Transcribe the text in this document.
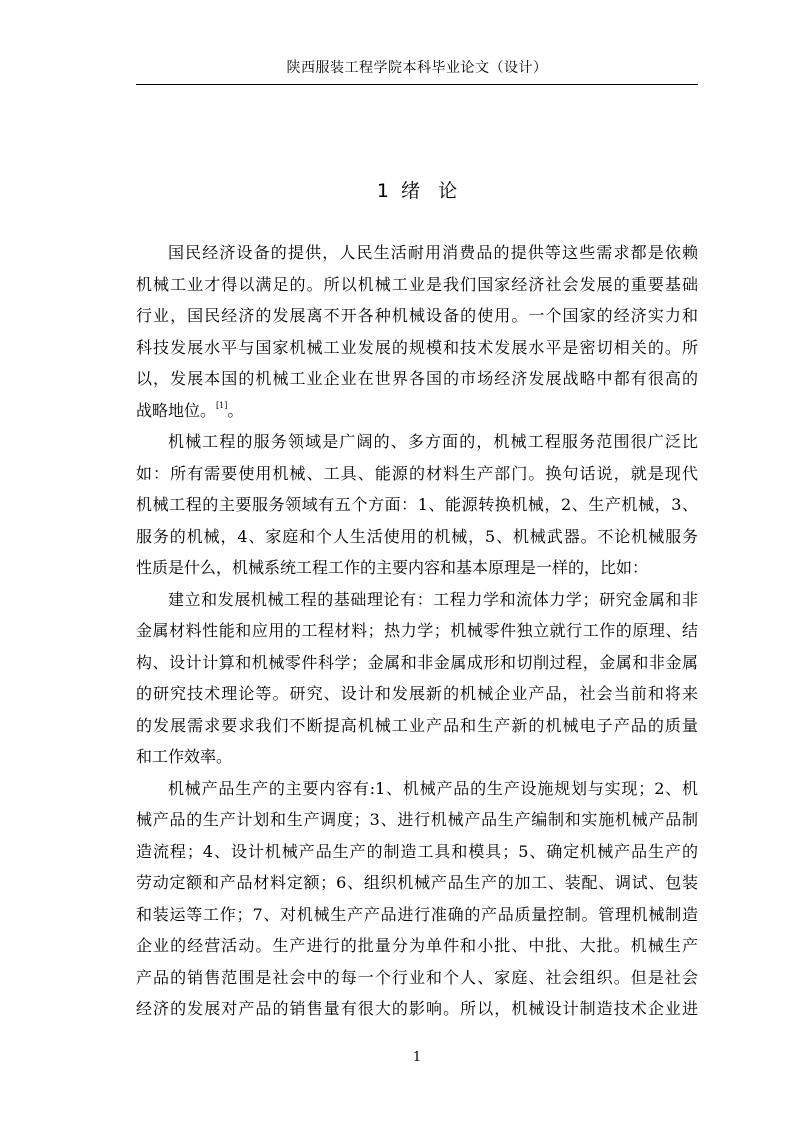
陕西服装工程学院本科毕业论文（设计）
1  绪   论
国民经济设备的提供，人民生活耐用消费品的提供等这些需求都是依赖
机械工业才得以满足的。所以机械工业是我们国家经济社会发展的重要基础
行业，国民经济的发展离不开各种机械设备的使用。一个国家的经济实力和
科技发展水平与国家机械工业发展的规模和技术发展水平是密切相关的。所
以，发展本国的机械工业企业在世界各国的市场经济发展战略中都有很高的
战略地位。[1]。
机械工程的服务领域是广阔的、多方面的，机械工程服务范围很广泛比
如：所有需要使用机械、工具、能源的材料生产部门。换句话说，就是现代
机械工程的主要服务领域有五个方面：1、能源转换机械，2、生产机械，3、
服务的机械，4、家庭和个人生活使用的机械，5、机械武器。不论机械服务
性质是什么，机械系统工程工作的主要内容和基本原理是一样的，比如：
建立和发展机械工程的基础理论有：工程力学和流体力学；研究金属和非
金属材料性能和应用的工程材料；热力学；机械零件独立就行工作的原理、结
构、设计计算和机械零件科学；金属和非金属成形和切削过程，金属和非金属
的研究技术理论等。研究、设计和发展新的机械企业产品，社会当前和将来
的发展需求要求我们不断提高机械工业产品和生产新的机械电子产品的质量
和工作效率。
机械产品生产的主要内容有:1、机械产品的生产设施规划与实现；2、机
械产品的生产计划和生产调度；3、进行机械产品生产编制和实施机械产品制
造流程；4、设计机械产品生产的制造工具和模具；5、确定机械产品生产的
劳动定额和产品材料定额；6、组织机械产品生产的加工、装配、调试、包装
和装运等工作；7、对机械生产产品进行准确的产品质量控制。管理机械制造
企业的经营活动。生产进行的批量分为单件和小批、中批、大批。机械生产
产品的销售范围是社会中的每一个行业和个人、家庭、社会组织。但是社会
经济的发展对产品的销售量有很大的影响。所以，机械设计制造技术企业进
1
